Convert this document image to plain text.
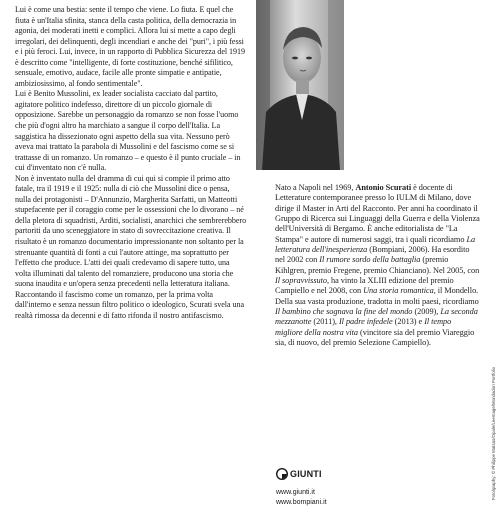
Lui è come una bestia: sente il tempo che viene. Lo fiuta. E quel che fiuta è un'Italia sfinita, stanca della casta politica, della democrazia in agonia, dei moderati inetti e complici. Allora lui si mette a capo degli irregolari, dei delinquenti, degli incendiari e anche dei "puri", i più fessi e i più feroci. Lui, invece, in un rapporto di Pubblica Sicurezza del 1919 è descritto come "intelligente, di forte costituzione, benché sifilitico, sensuale, emotivo, audace, facile alle pronte simpatie e antipatie, ambiziosissimo, al fondo sentimentale".

Lui è Benito Mussolini, ex leader socialista cacciato dal partito, agitatore politico indefesso, direttore di un piccolo giornale di opposizione. Sarebbe un personaggio da romanzo se non fosse l'uomo che più d'ogni altro ha marchiato a sangue il corpo dell'Italia. La saggistica ha dissezionato ogni aspetto della sua vita. Nessuno però aveva mai trattato la parabola di Mussolini e del fascismo come se si trattasse di un romanzo. Un romanzo – e questo è il punto cruciale – in cui d'inventato non c'è nulla.

Non è inventato nulla del dramma di cui qui si compie il primo atto fatale, tra il 1919 e il 1925: nulla di ciò che Mussolini dice o pensa, nulla dei protagonisti – D'Annunzio, Margherita Sarfatti, un Matteotti stupefacente per il coraggio come per le ossessioni che lo divorano – né della pletora di squadristi, Arditi, socialisti, anarchici che sembrerebbero partoriti da uno sceneggiatore in stato di sovreccitazione creativa. Il risultato è un romanzo documentario impressionante non soltanto per la strenuante quantità di fonti a cui l'autore attinge, ma soprattutto per l'effetto che produce. L'atti dei quali credevamo di sapere tutto, una volta illuminati dal talento del romanziere, producono una storia che suona inaudita e un'opera senza precedenti nella letteratura italiana.

Raccontando il fascismo come un romanzo, per la prima volta dall'interno e senza nessun filtro politico o ideologico, Scurati svela una realtà rimossa da decenni e di fatto rifonda il nostro antifascismo.

Nato a Napoli nel 1969, Antonio Scurati è docente di Letterature contemporanee presso lo IULM di Milano, dove dirige il Master in Arti del Racconto. Per anni ha coordinato il Gruppo di Ricerca sui Linguaggi della Guerra e della Violenza dell'Università di Bergamo. È anche editorialista de "La Stampa" e autore di numerosi saggi, tra i quali ricordiamo La letteratura dell'inesperienza (Bompiani, 2006). Ha esordito nel 2002 con Il rumore sordo della battaglia (premio Kihlgren, premio Fregene, premio Chianciano). Nel 2005, con Il sopravvissuto, ha vinto la XLIII edizione del premio Campiello e nel 2008, con Una storia romantica, il Mondello. Della sua vasta produzione, tradotta in molti paesi, ricordiamo Il bambino che sognava la fine del mondo (2009), La seconda mezzanotte (2011), Il padre infedele (2013) e Il tempo migliore della nostra vita (vincitore sia del premio Viareggio sia, di nuovo, del premio Selezione Campiello).

GIUNTI
www.giunti.it
www.bompiani.it
Foto/graphy: © Philippe Matsas/Opale/Leemage/Mondadori Portfolio
